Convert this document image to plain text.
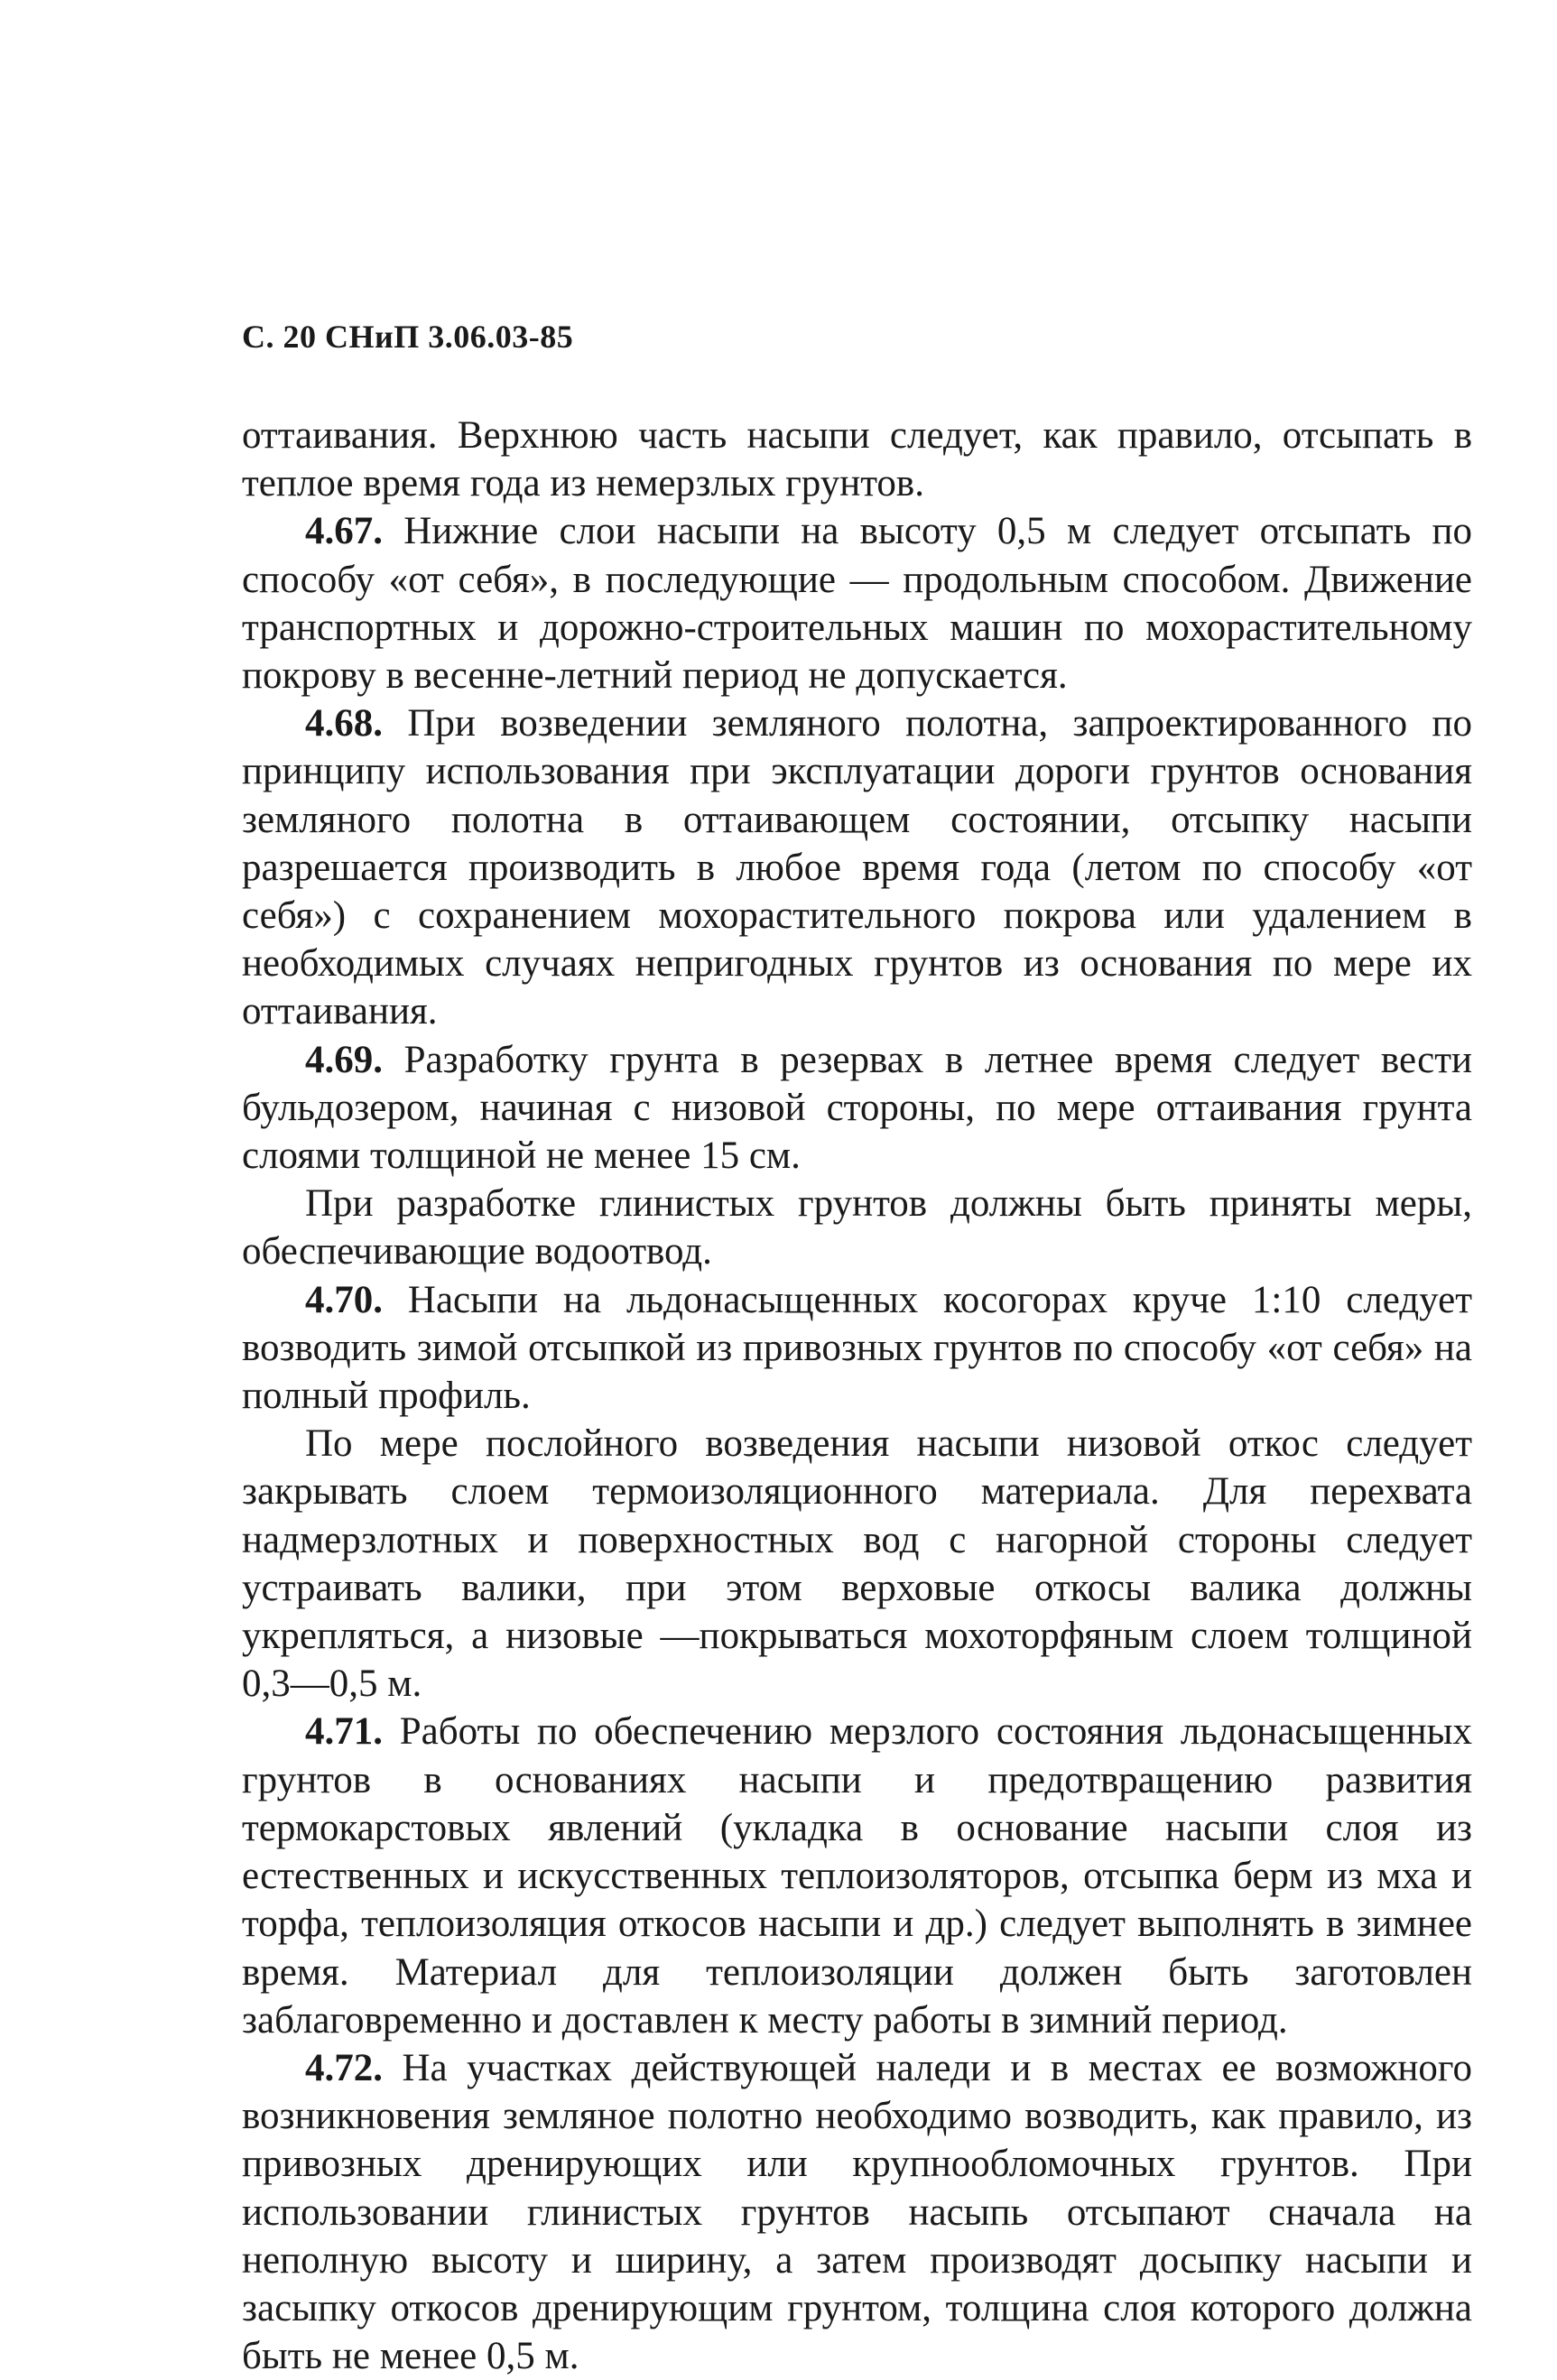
С. 20 СНиП 3.06.03-85

оттаивания. Верхнюю часть насыпи следует, как правило, отсыпать в теплое время года из немерзлых грунтов.

4.67. Нижние слои насыпи на высоту 0,5 м следует отсыпать по способу «от себя», в последующие — продольным способом. Движение транспортных и дорожно-строительных машин по мохорастительному покрову в весенне-летний период не допускается.

4.68. При возведении земляного полотна, запроектированного по принципу использования при эксплуатации дороги грунтов основания земляного полотна в оттаивающем состоянии, отсыпку насыпи разрешается производить в любое время года (летом по способу «от себя») с сохранением мохорастительного покрова или удалением в необходимых случаях непригодных грунтов из основания по мере их оттаивания.

4.69. Разработку грунта в резервах в летнее время следует вести бульдозером, начиная с низовой стороны, по мере оттаивания грунта слоями толщиной не менее 15 см.

При разработке глинистых грунтов должны быть приняты меры, обеспечивающие водоотвод.

4.70. Насыпи на льдонасыщенных косогорах круче 1:10 следует возводить зимой отсыпкой из привозных грунтов по способу «от себя» на полный профиль.

По мере послойного возведения насыпи низовой откос следует закрывать слоем термоизоляционного материала. Для перехвата надмерзлотных и поверхностных вод с нагорной стороны следует устраивать валики, при этом верховые откосы валика должны укрепляться, а низовые —покрываться мохоторфяным слоем толщиной 0,3—0,5 м.

4.71. Работы по обеспечению мерзлого состояния льдонасыщенных грунтов в основаниях насыпи и предотвращению развития термокарстовых явлений (укладка в основание насыпи слоя из естественных и искусственных теплоизоляторов, отсыпка берм из мха и торфа, теплоизоляция откосов насыпи и др.) следует выполнять в зимнее время. Материал для теплоизоляции должен быть заготовлен заблаговременно и доставлен к месту работы в зимний период.

4.72. На участках действующей наледи и в местах ее возможного возникновения земляное полотно необходимо возводить, как правило, из привозных дренирующих или крупнообломочных грунтов. При использовании глинистых грунтов насыпь отсыпают сначала на неполную высоту и ширину, а затем производят досыпку насыпи и засыпку откосов дренирующим грунтом, толщина слоя которого должна быть не менее 0,5 м.
